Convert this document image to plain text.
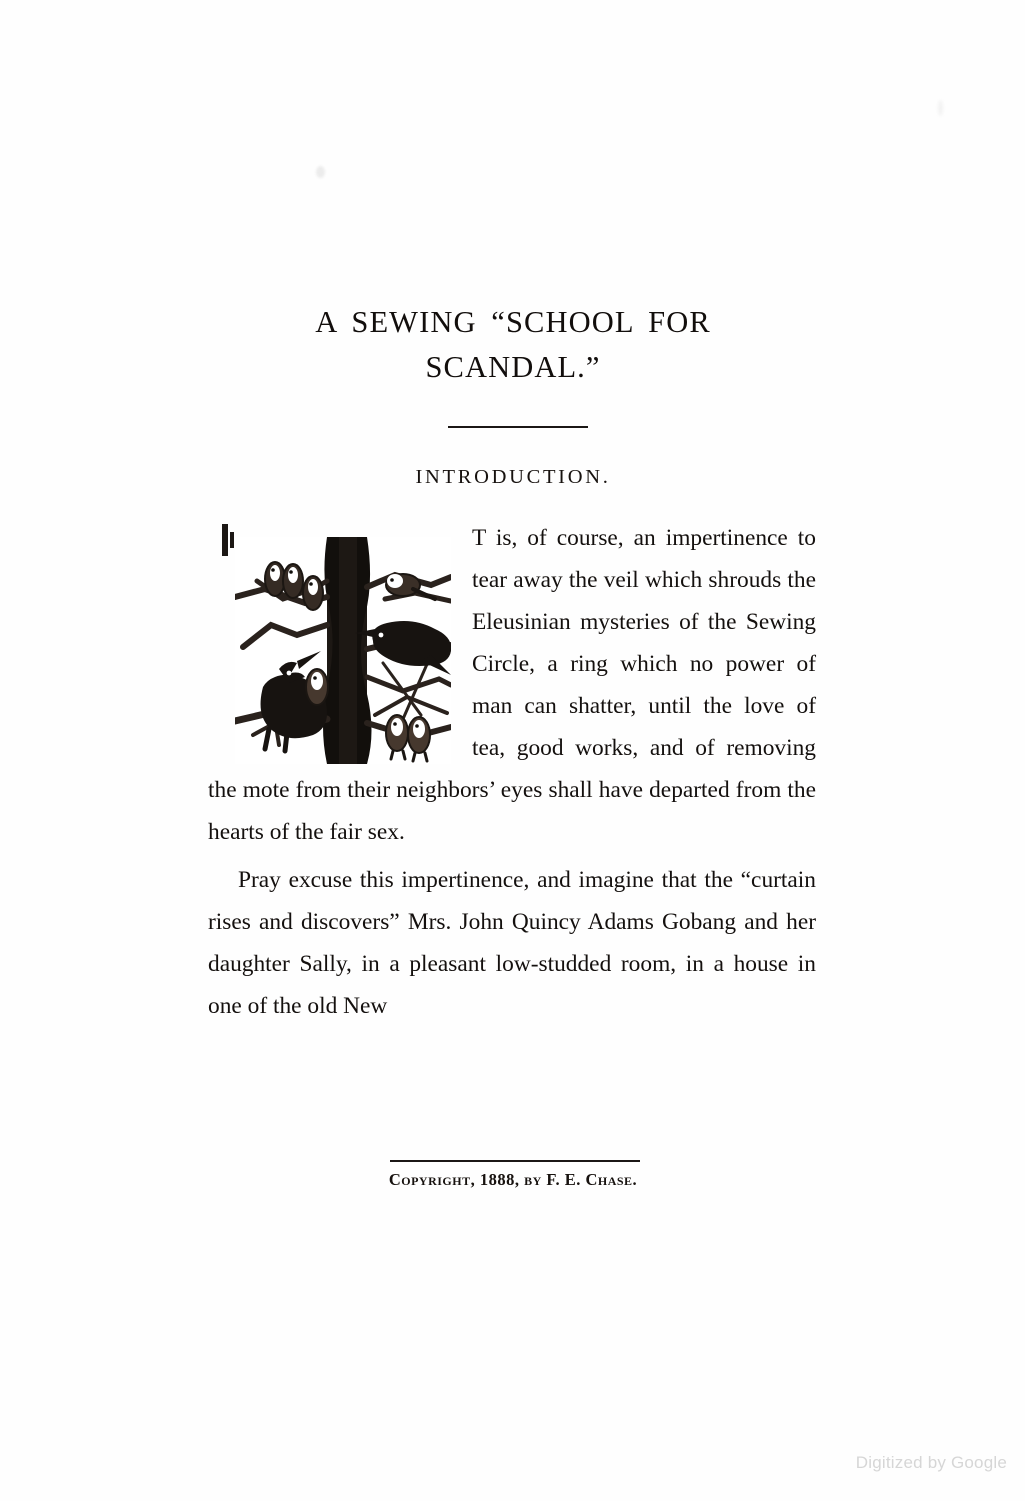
A SEWING “SCHOOL FOR
SCANDAL.”
INTRODUCTION.

T is, of course, an impertinence to tear away the veil which shrouds the Eleusinian mysteries of the Sewing Circle, a ring which no power of man can shatter, until the love of tea, good works, and of removing the mote from their neighbors’ eyes shall have departed from the hearts of the fair sex.

Pray excuse this impertinence, and imagine that the “curtain rises and discovers” Mrs. John Quincy Adams Gobang and her daughter Sally, in a pleasant low-studded room, in a house in one of the old New

Copyright, 1888, by F. E. Chase.
Digitized by Google
